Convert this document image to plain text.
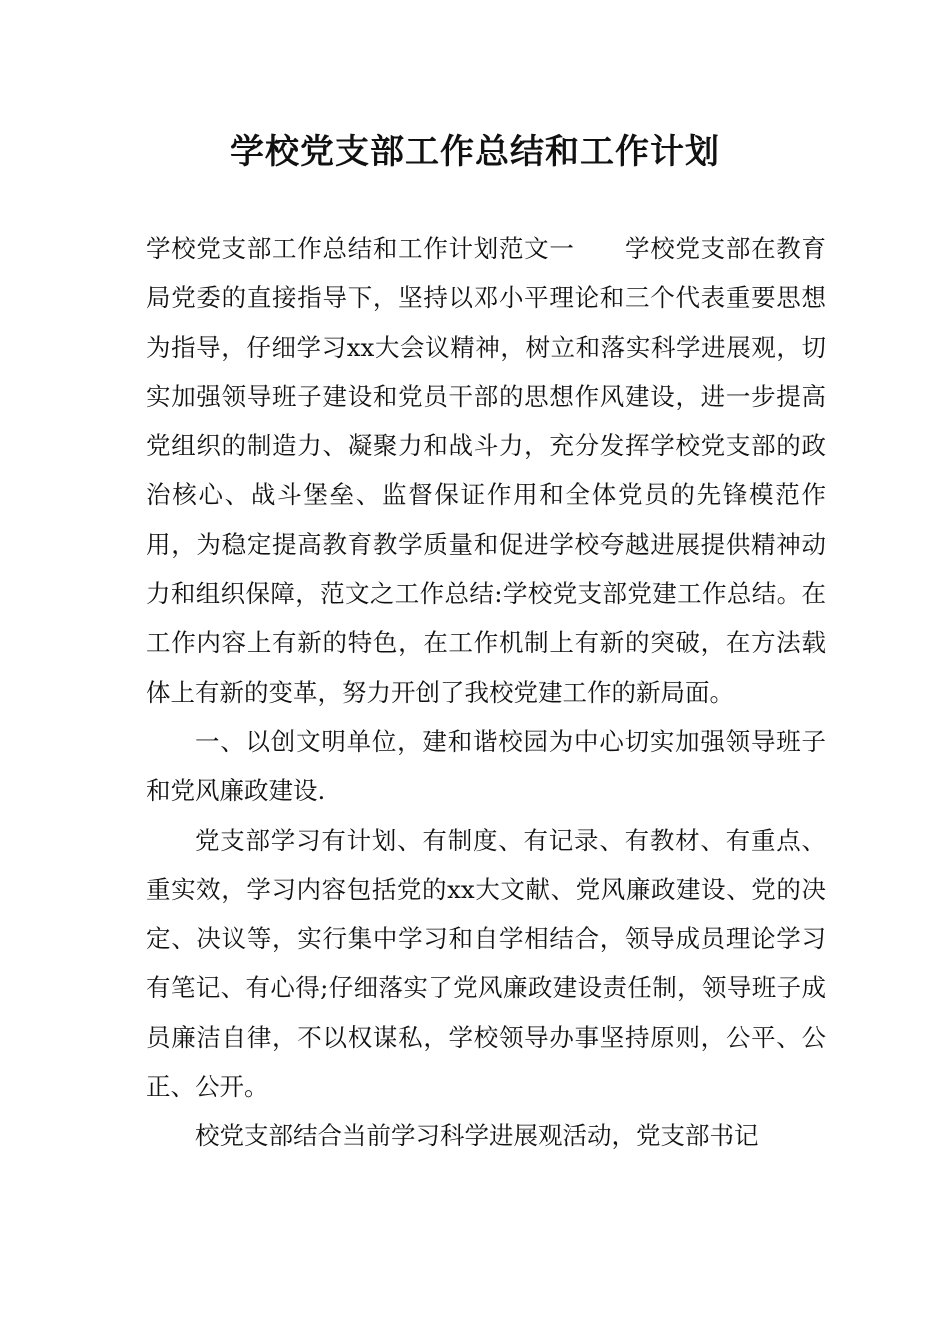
学校党支部工作总结和工作计划

学校党支部工作总结和工作计划范文一　　学校党支部在教育局党委的直接指导下，坚持以邓小平理论和三个代表重要思想为指导，仔细学习xx大会议精神，树立和落实科学进展观，切实加强领导班子建设和党员干部的思想作风建设，进一步提高党组织的制造力、凝聚力和战斗力，充分发挥学校党支部的政治核心、战斗堡垒、监督保证作用和全体党员的先锋模范作用，为稳定提高教育教学质量和促进学校夸越进展提供精神动力和组织保障，范文之工作总结:学校党支部党建工作总结。在工作内容上有新的特色，在工作机制上有新的突破，在方法载体上有新的变革，努力开创了我校党建工作的新局面。

一、以创文明单位，建和谐校园为中心切实加强领导班子和党风廉政建设.

党支部学习有计划、有制度、有记录、有教材、有重点、重实效，学习内容包括党的xx大文献、党风廉政建设、党的决定、决议等，实行集中学习和自学相结合，领导成员理论学习有笔记、有心得;仔细落实了党风廉政建设责任制，领导班子成员廉洁自律，不以权谋私，学校领导办事坚持原则，公平、公正、公开。

校党支部结合当前学习科学进展观活动，党支部书记
